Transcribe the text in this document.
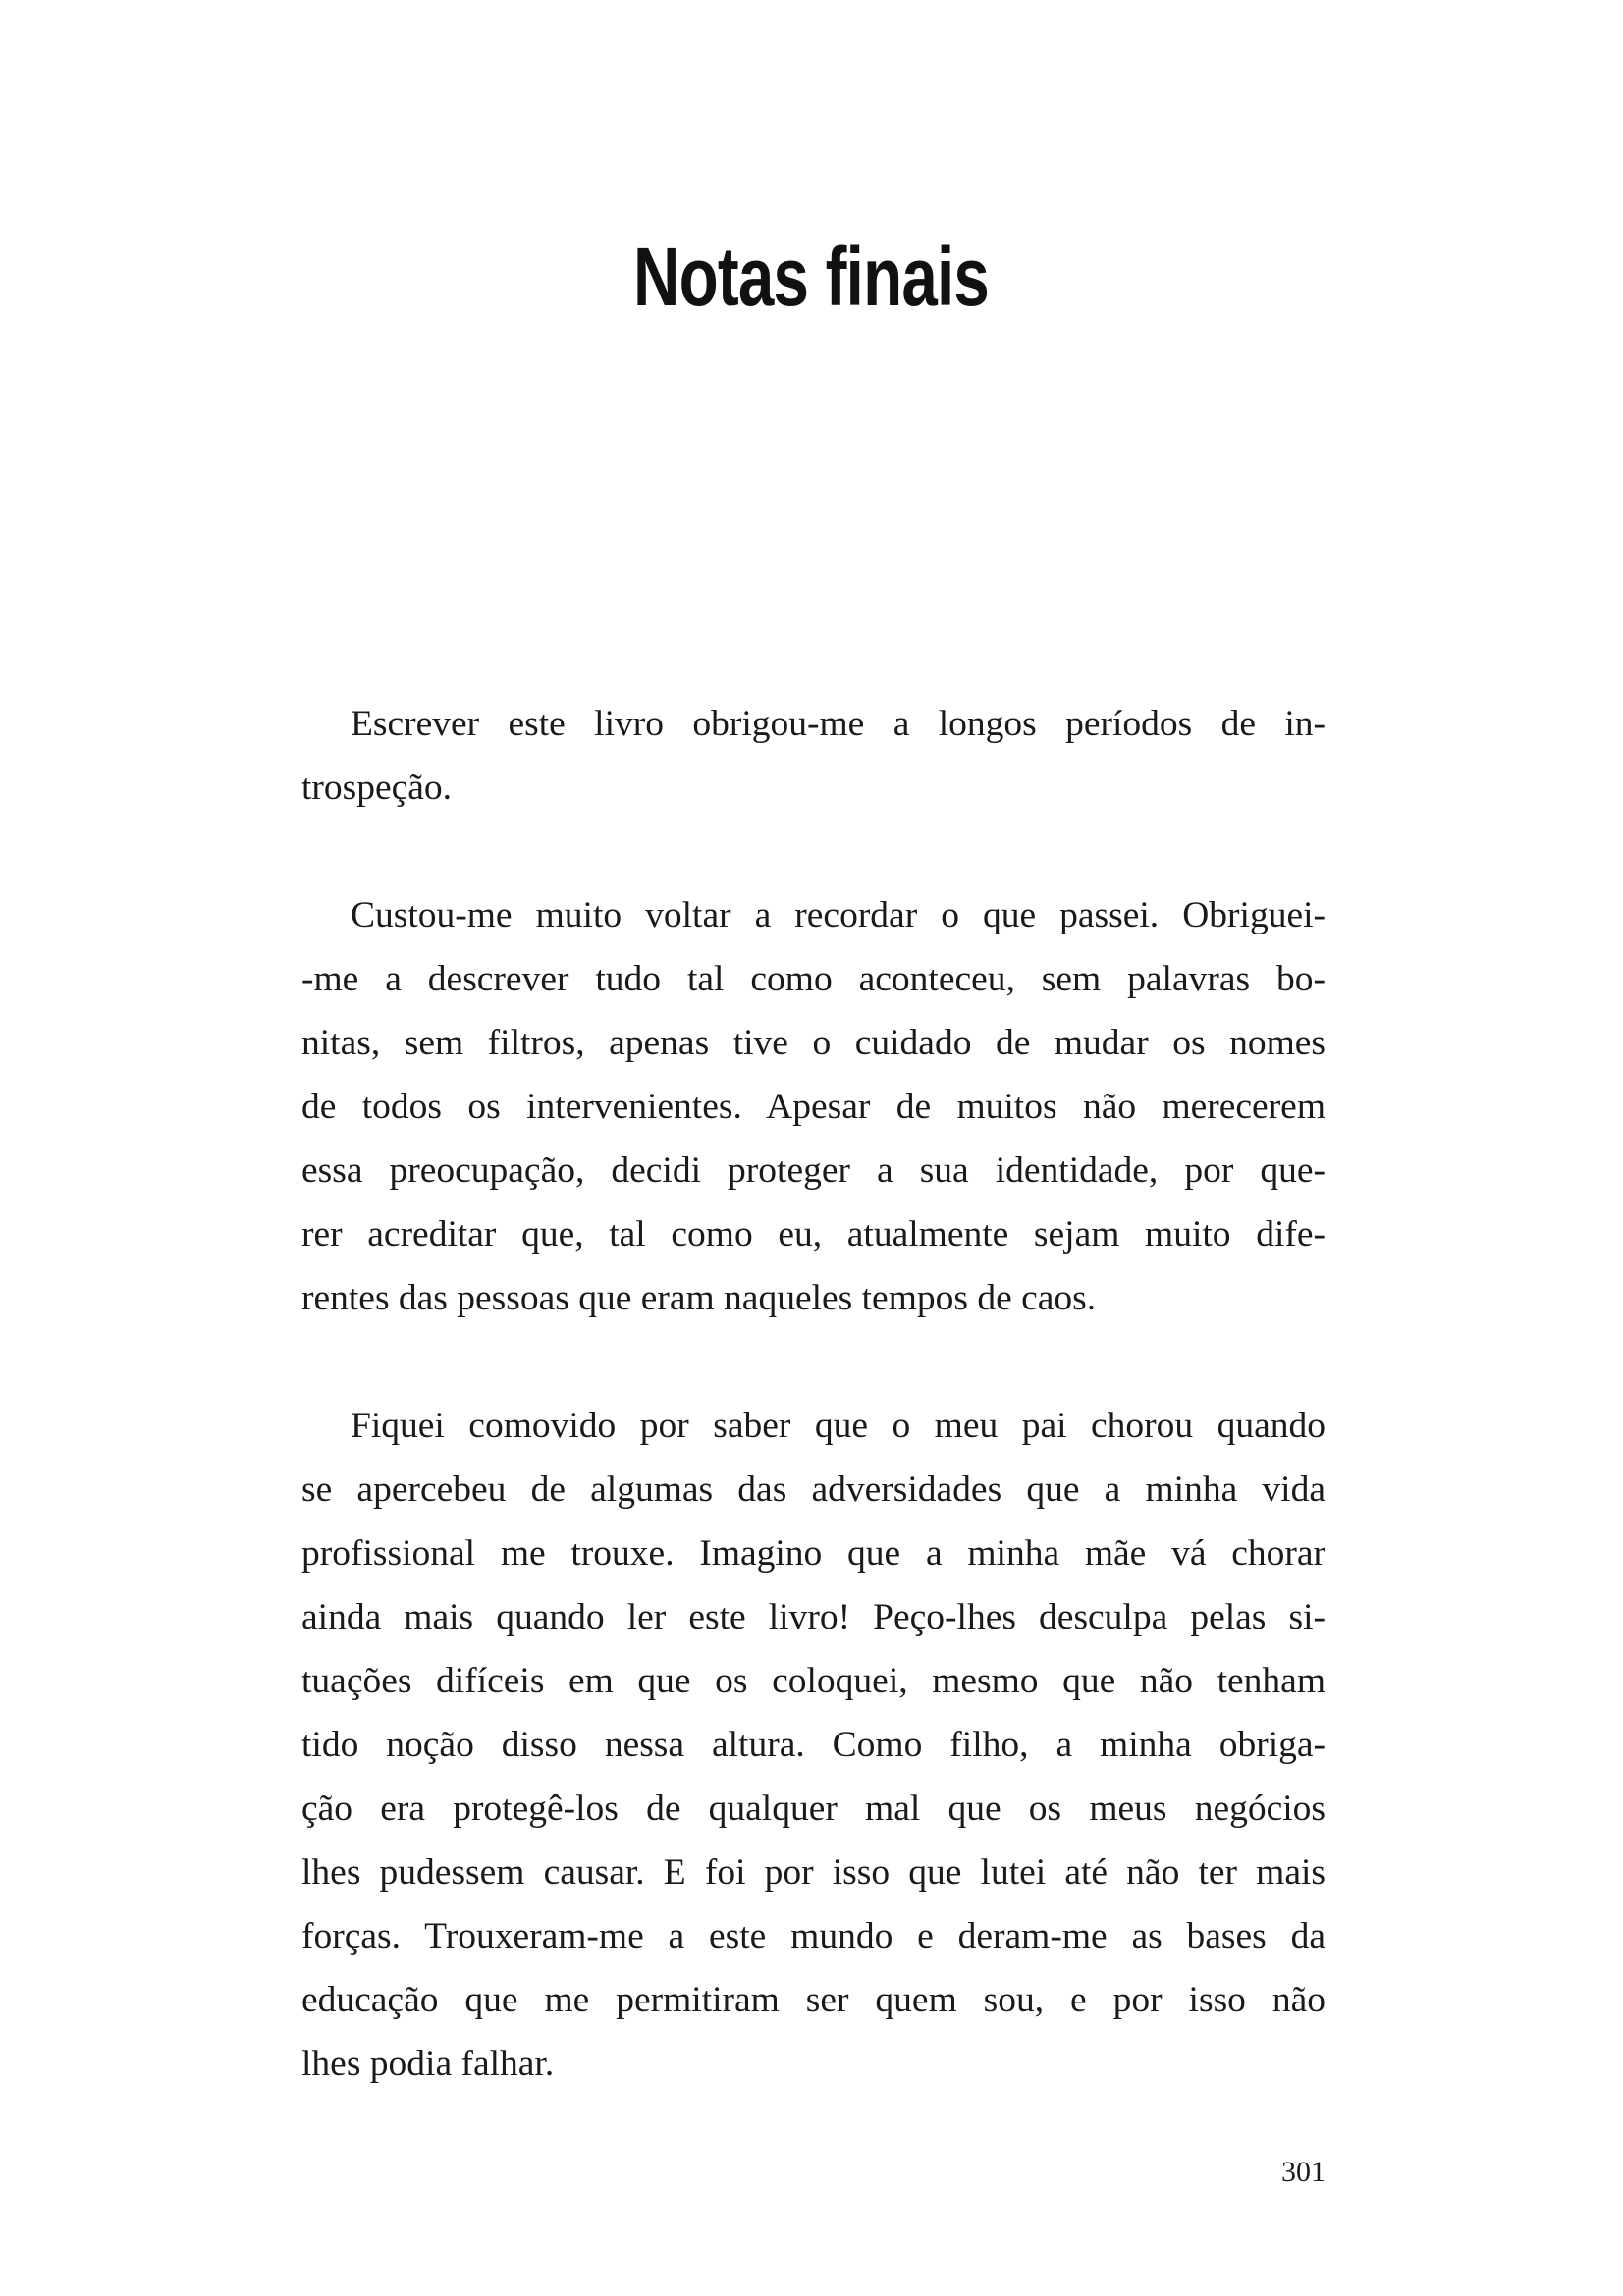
Notas finais

Escrever este livro obrigou-me a longos períodos de in-
trospeção.

Custou-me muito voltar a recordar o que passei. Obriguei-
-me a descrever tudo tal como aconteceu, sem palavras bo-
nitas, sem filtros, apenas tive o cuidado de mudar os nomes
de todos os intervenientes. Apesar de muitos não merecerem
essa preocupação, decidi proteger a sua identidade, por que-
rer acreditar que, tal como eu, atualmente sejam muito dife-
rentes das pessoas que eram naqueles tempos de caos.

Fiquei comovido por saber que o meu pai chorou quando
se apercebeu de algumas das adversidades que a minha vida
profissional me trouxe. Imagino que a minha mãe vá chorar
ainda mais quando ler este livro! Peço-lhes desculpa pelas si-
tuações difíceis em que os coloquei, mesmo que não tenham
tido noção disso nessa altura. Como filho, a minha obriga-
ção era protegê-los de qualquer mal que os meus negócios
lhes pudessem causar. E foi por isso que lutei até não ter mais
forças. Trouxeram-me a este mundo e deram-me as bases da
educação que me permitiram ser quem sou, e por isso não
lhes podia falhar.

301
